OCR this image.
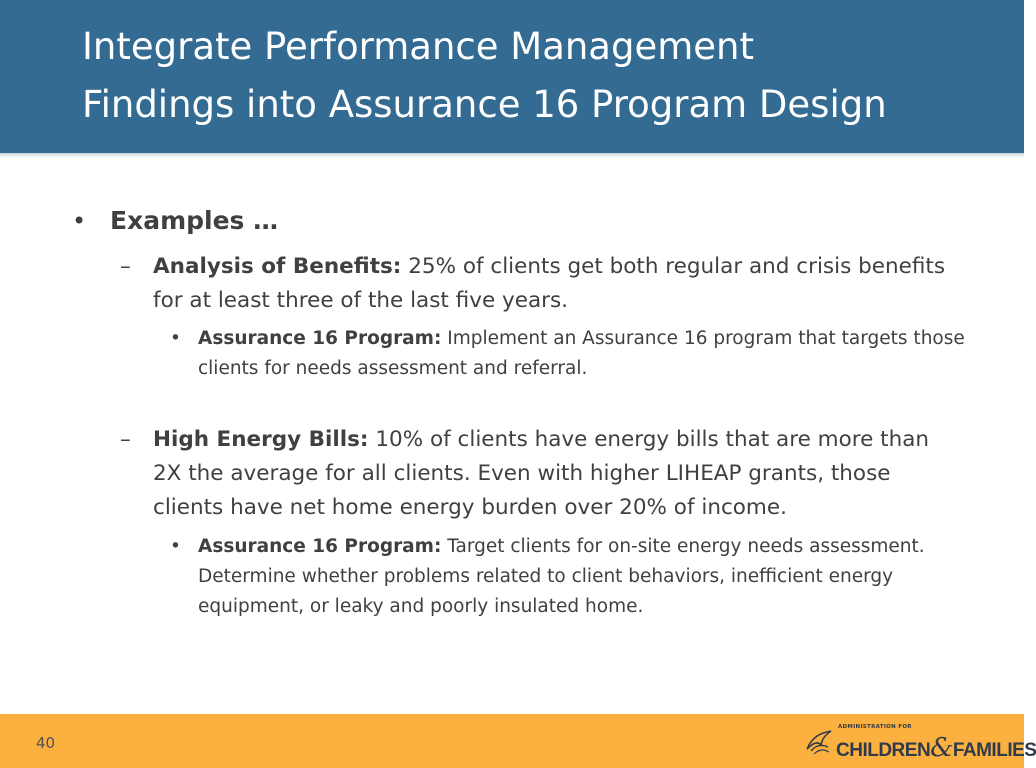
Integrate Performance Management
Findings into Assurance 16 Program Design
• Examples …
– Analysis of Benefits: 25% of clients get both regular and crisis benefits for at least three of the last five years.
• Assurance 16 Program: Implement an Assurance 16 program that targets those clients for needs assessment and referral.
– High Energy Bills: 10% of clients have energy bills that are more than 2X the average for all clients. Even with higher LIHEAP grants, those clients have net home energy burden over 20% of income.
• Assurance 16 Program: Target clients for on-site energy needs assessment. Determine whether problems related to client behaviors, inefficient energy equipment, or leaky and poorly insulated home.
40
ADMINISTRATION FOR
CHILDREN&FAMILIES
